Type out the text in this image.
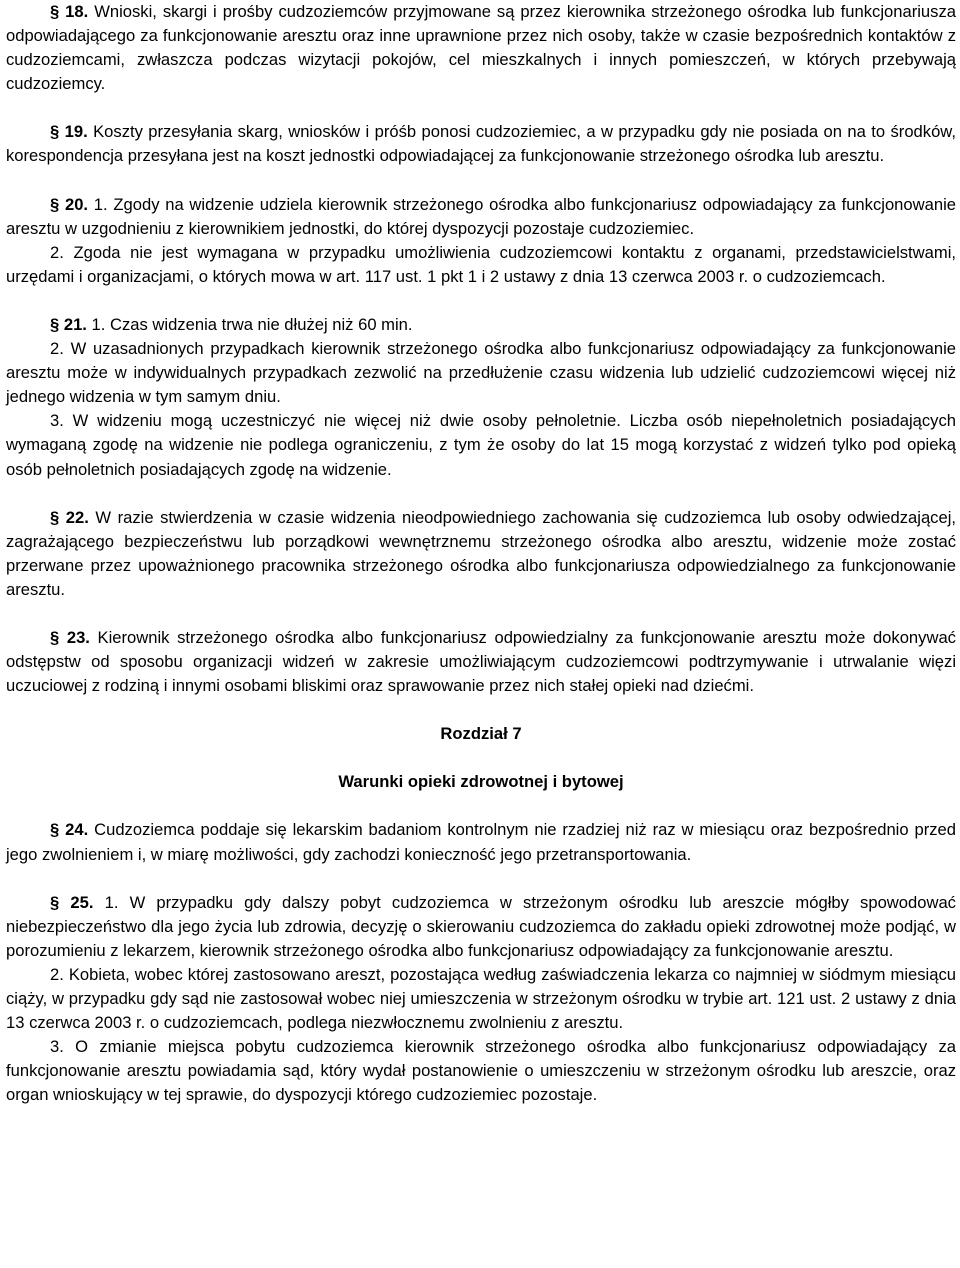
§ 18. Wnioski, skargi i prośby cudzoziemców przyjmowane są przez kierownika strzeżonego ośrodka lub funkcjonariusza odpowiadającego za funkcjonowanie aresztu oraz inne uprawnione przez nich osoby, także w czasie bezpośrednich kontaktów z cudzoziemcami, zwłaszcza podczas wizytacji pokojów, cel mieszkalnych i innych pomieszczeń, w których przebywają cudzoziemcy.

§ 19. Koszty przesyłania skarg, wniosków i próśb ponosi cudzoziemiec, a w przypadku gdy nie posiada on na to środków, korespondencja przesyłana jest na koszt jednostki odpowiadającej za funkcjonowanie strzeżonego ośrodka lub aresztu.

§ 20. 1. Zgody na widzenie udziela kierownik strzeżonego ośrodka albo funkcjonariusz odpowiadający za funkcjonowanie aresztu w uzgodnieniu z kierownikiem jednostki, do której dyspozycji pozostaje cudzoziemiec.

2. Zgoda nie jest wymagana w przypadku umożliwienia cudzoziemcowi kontaktu z organami, przedstawicielstwami, urzędami i organizacjami, o których mowa w art. 117 ust. 1 pkt 1 i 2 ustawy z dnia 13 czerwca 2003 r. o cudzoziemcach.

§ 21. 1. Czas widzenia trwa nie dłużej niż 60 min.

2. W uzasadnionych przypadkach kierownik strzeżonego ośrodka albo funkcjonariusz odpowiadający za funkcjonowanie aresztu może w indywidualnych przypadkach zezwolić na przedłużenie czasu widzenia lub udzielić cudzoziemcowi więcej niż jednego widzenia w tym samym dniu.

3. W widzeniu mogą uczestniczyć nie więcej niż dwie osoby pełnoletnie. Liczba osób niepełnoletnich posiadających wymaganą zgodę na widzenie nie podlega ograniczeniu, z tym że osoby do lat 15 mogą korzystać z widzeń tylko pod opieką osób pełnoletnich posiadających zgodę na widzenie.

§ 22. W razie stwierdzenia w czasie widzenia nieodpowiedniego zachowania się cudzoziemca lub osoby odwiedzającej, zagrażającego bezpieczeństwu lub porządkowi wewnętrznemu strzeżonego ośrodka albo aresztu, widzenie może zostać przerwane przez upoważnionego pracownika strzeżonego ośrodka albo funkcjonariusza odpowiedzialnego za funkcjonowanie aresztu.

§ 23. Kierownik strzeżonego ośrodka albo funkcjonariusz odpowiedzialny za funkcjonowanie aresztu może dokonywać odstępstw od sposobu organizacji widzeń w zakresie umożliwiającym cudzoziemcowi podtrzymywanie i utrwalanie więzi uczuciowej z rodziną i innymi osobami bliskimi oraz sprawowanie przez nich stałej opieki nad dziećmi.

Rozdział 7

Warunki opieki zdrowotnej i bytowej

§ 24. Cudzoziemca poddaje się lekarskim badaniom kontrolnym nie rzadziej niż raz w miesiącu oraz bezpośrednio przed jego zwolnieniem i, w miarę możliwości, gdy zachodzi konieczność jego przetransportowania.

§ 25. 1. W przypadku gdy dalszy pobyt cudzoziemca w strzeżonym ośrodku lub areszcie mógłby spowodować niebezpieczeństwo dla jego życia lub zdrowia, decyzję o skierowaniu cudzoziemca do zakładu opieki zdrowotnej może podjąć, w porozumieniu z lekarzem, kierownik strzeżonego ośrodka albo funkcjonariusz odpowiadający za funkcjonowanie aresztu.

2. Kobieta, wobec której zastosowano areszt, pozostająca według zaświadczenia lekarza co najmniej w siódmym miesiącu ciąży, w przypadku gdy sąd nie zastosował wobec niej umieszczenia w strzeżonym ośrodku w trybie art. 121 ust. 2 ustawy z dnia 13 czerwca 2003 r. o cudzoziemcach, podlega niezwłocznemu zwolnieniu z aresztu.

3. O zmianie miejsca pobytu cudzoziemca kierownik strzeżonego ośrodka albo funkcjonariusz odpowiadający za funkcjonowanie aresztu powiadamia sąd, który wydał postanowienie o umieszczeniu w strzeżonym ośrodku lub areszcie, oraz organ wnioskujący w tej sprawie, do dyspozycji którego cudzoziemiec pozostaje.
